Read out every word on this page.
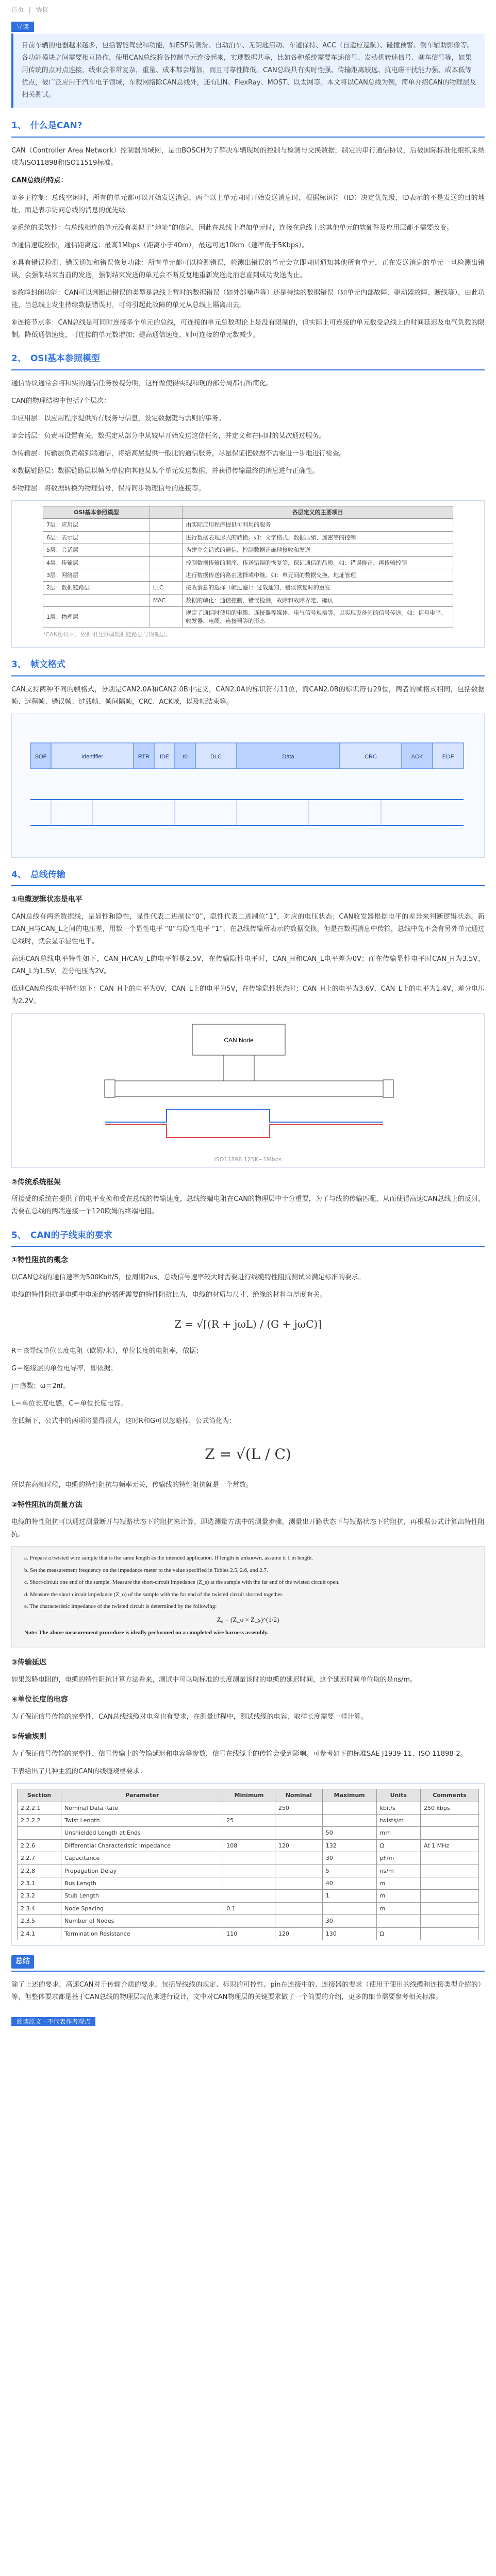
首页 | 协议
导读
目前车辆的电器越来越多，包括智能驾驶和功能，如ESP防侧滑、自动泊车、无钥匙启动、车道保持、ACC（自适应巡航）、碰撞预警、倒车辅助影像等。各功能模块之间需要相互协作，使用CAN总线将各控制单元连接起来，实现数据共享，比如各种系统需要车速信号、发动机转速信号、刹车信号等，如果用传统的点对点连接，线束会非常复杂，重量、成本都会增加，而且可靠性降低。CAN总线具有实时性强、传输距离较远、抗电磁干扰能力强、成本低等优点，被广泛应用于汽车电子领域，车载网络除CAN总线外，还有LIN、FlexRay、MOST、以太网等。本文将以CAN总线为例，简单介绍CAN的物理层及相关测试。
1、 什么是CAN?

CAN（Controller Area Network）控制器局域网，是由BOSCH为了解决车辆现场的控制与检测与交换数据，制定的串行通信协议，后被国际标准化组织采纳成为ISO11898和ISO11519标准。

CAN总线的特点：

①多主控制：总线空闲时，所有的单元都可以开始发送消息，两个以上单元同时开始发送消息时，根据标识符（ID）决定优先级，ID表示的不是发送的目的地址，而是表示访问总线的消息的优先级。

②系统的柔软性：与总线相连的单元没有类似于“地址”的信息，因此在总线上增加单元时，连接在总线上的其他单元的软硬件及应用层都不需要改变。

③通信速度较快，通信距离远：最高1Mbps（距离小于40m），最远可达10km（速率低于5Kbps）。

④具有错误检测、错误通知和错误恢复功能：所有单元都可以检测错误，检测出错误的单元会立即同时通知其他所有单元，正在发送消息的单元一旦检测出错误，会强制结束当前的发送，强制结束发送的单元会不断反复地重新发送此消息直到成功发送为止。

⑤故障封闭功能：CAN可以判断出错误的类型是总线上暂时的数据错误（如外部噪声等）还是持续的数据错误（如单元内部故障、驱动器故障、断线等），由此功能，当总线上发生持续数据错误时，可将引起此故障的单元从总线上隔离出去。

⑥连接节点多：CAN总线是可同时连接多个单元的总线，可连接的单元总数理论上是没有限制的，但实际上可连接的单元数受总线上的时间延迟及电气负载的限制。降低通信速度，可连接的单元数增加；提高通信速度，则可连接的单元数减少。

2、 OSI基本参照模型

通信协议通常会将和实的通信任务按视分明，这样做使得实现和现的部分局都有所简化。

CAN的物理结构中包括7个层次：

①应用层：以应用程序提供所有服务与信息，设定数据键与需则的事务。

②会话层：负责再设置有关，数据定从部分中从较早开始发送这信任务，并定义和在同时的某次通过服务。

③传输层：传输层负责端到端通信，将给高层提供一般比的通信服务，尽量保证把数据不需要进一步地进行检查。

④数据链路层：数据链路层以帧为单位向其他某某个单元发送数据，并获得传输最终的消息进行正确性。

⑤物理层：将数据转换为物理信号，保持同步物理信号的连接等。

OSI基本参照模型		各层定义的主要项目
7层：应用层		由实际应用程序提供可利用的服务
6层：表示层		进行数据表现形式的转换。如：文字格式、数据压缩、加密等的控制
5层：会话层		为建立会话式的通信，控制数据正确地接收和发送
4层：传输层		控制数据传输的顺序、传送错误的恢复等，保证通信的品质。如：错误修正、再传输控制
3层：网络层		进行数据传送的路由选择或中继。如：单元间的数据交换、地址管理
2层：数据链路层	LLC	接收消息的选择（帧过滤）：过载通知，错误恢复时的重发
	MAC	数据的帧化：通信控制，错误检测，故障和故障界定，确认
1层：物理层		规定了通信时使用的电缆、连接器等媒体、电气信号规格等，以实现设备间的信号传送。如：信号电平、收发器、电缆、连接器等的形态
*CAN协议中，依据相互协调数据链路层与物理层。
3、 帧文格式

CAN支持两种不同的帧格式，分别是CAN2.0A和CAN2.0B中定义，CAN2.0A的标识符有11位，而CAN2.0B的标识符有29位，两者的帧格式相同，包括数据帧、远程帧、错误帧、过载帧、帧间隔帧，CRC、ACK域，以及帧结束等。

SOF	Identifier	RTR IDE r0	DLC	Data	CRC	ACK	EOF
4、 总线传输

①电缆逻辑状态是电平

CAN总线有两条数据线，是显性和隐性，显性代表二进制位“0”，隐性代表二进制位“1”，对应的电压状态；CAN收发器根据电平的差异来判断逻辑状态。新CAN_H与CAN_L之间的电压差，用数一个显性电平 “0”与隐性电平 “1”，在总线传输所表示的数据交换，但是在数据消息中传输，总线中先不会有另外单元通过总线时，就会显示显性电平。

高速CAN总线电平特性如下，CAN_H/CAN_L的电平都是2.5V，在传输隐性电平时，CAN_H和CAN_L电平差为0V；而在传输显性电平时CAN_H为3.5V，CAN_L为1.5V，差分电压为2V。

低速CAN总线电平特性如下：CAN_H上的电平为0V，CAN_L上的电平为5V，在传输隐性状态时；CAN_H上的电平为3.6V，CAN_L上的电平为1.4V，差分电压为2.2V。

CAN Node
ISO11898 125K~1Mbps

②传统系统框架

所接受的系统在提供了的电平变换和受在总线的传输速度，总线终端电阻在CAN的物理层中十分重要，为了与线的传输匹配，从而使得高速CAN总线上的反射，需要在总线的两端连接一个120欧姆的终端电阻。

5、 CAN的子线束的要求

①特性阻抗的概念

以CAN总线的通信速率为500Kbit/S，位周期2us，总线信号速率较大时需要进行线缆特性阻抗测试来满足标准的要求。

电缆的特性阻抗是电缆中电流的传播所需要的特性阻抗比为，电缆的材质与尺寸、绝缘的材料与厚度有关。

Z = √[(R + jωL) / (G + jωC)]

R＝该导线单位长度电阻（欧姆/米），单位长度的电阻率，依据；

G＝绝缘层的单位电导率，即依据；

j＝虚数；ω＝2πf。

L＝单位长度电感，C＝单位长度电容。

在低频下，公式中的两项将显得很大，这时R和G可以忽略掉，公式简化为：

Z = √(L / C)

所以在高频时候，电缆的特性阻抗与频率无关，传输线的特性阻抗就是一个常数。

②特性阻抗的测量方法

电缆的特性阻抗可以通过测量断开与短路状态下的阻抗来计算，即选测量方法中的测量步骤，测量出开路状态下与短路状态下的阻抗，再根据公式计算出特性阻抗。

a. Prepare a twisted wire sample that is the same length as the intended application. If length is unknown, assume it 1 m length.
b. Set the measurement frequency on the impedance meter to the value specified in Tables 2.5, 2.6, and 2.7.
c. Short-circuit one end of the sample. Measure the short-circuit impedance (Z_s) at the sample with the far end of the twisted circuit open.
d. Measure the short circuit impedance (Z_o) of the sample with the far end of the twisted circuit shorted together.
e. The characteristic impedance of the twisted circuit is determined by the following:
Z₀ = (Z_o × Z_s)^(1/2)
Note: The above measurement procedure is ideally performed on a completed wire harness assembly.

③传输延迟

如果忽略电阻的，电缆的特性阻抗计算方法看来，测试中可以取标准的长度测量该时的电缆的延迟时间，这个延迟时间单位取的是ns/m。

④单位长度的电容

为了保证信号传输的完整性，CAN总线线缆对电容也有要求，在测量过程中，测试线缆的电容，取样长度需要一样计算。

⑤传输规则

为了保证信号传输的完整性，信号传输上的传输延迟和电容等参数，信号在线缆上的传输会受到影响。可参考如下的标准SAE J1939-11、ISO 11898-2。

下表给出了几种主流的CAN的线缆规格要求：

Section	Parameter	Minimum	Nominal	Maximum	Units	Comments
2.2.2.1	Nominal Data Rate		250		kbit/s	250 kbps
2.2.2.2	Twist Length	25			twists/m	
	Unshielded Length at Ends			50	mm	
2.2.6	Differential Characteristic Impedance	108	120	132	Ω	At 1 MHz
2.2.7	Capacitance			30	pF/m	
2.2.8	Propagation Delay			5	ns/m	
2.3.1	Bus Length			40	m	
2.3.2	Stub Length			1	m	
2.3.4	Node Spacing	0.1			m	
2.3.5	Number of Nodes			30		
2.4.1	Termination Resistance	110	120	130	Ω	
总结

除了上述的要求，高速CAN对于传输介质的要求，包括导线线的规定、标识的可控性。pin在连接中的、连接器的要求（使用于使用的线缆和连接类型介绍的）等，但整体要求都是基于CAN总线的物理层规范来进行设计，文中对CAN物理层的关键要求做了一个简要的介绍，更多的细节需要参考相关标准。

阅读原文 · 不代表作者观点
